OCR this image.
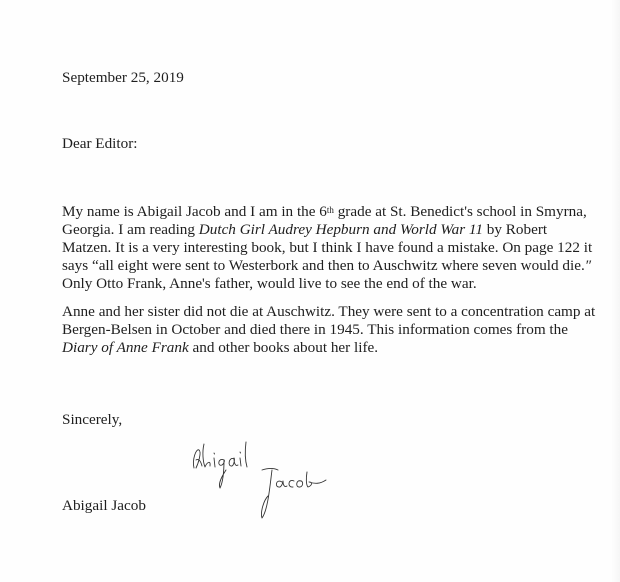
September 25, 2019
Dear Editor:
My name is Abigail Jacob and I am in the 6th grade at St. Benedict's school in Smyrna,
Georgia. I am reading Dutch Girl Audrey Hepburn and World War 11 by Robert
Matzen. It is a very interesting book, but I think I have found a mistake. On page 122 it
says “all eight were sent to Westerbork and then to Auschwitz where seven would die.″
Only Otto Frank, Anne's father, would live to see the end of the war.
Anne and her sister did not die at Auschwitz. They were sent to a concentration camp at
Bergen-Belsen in October and died there in 1945. This information comes from the
Diary of Anne Frank and other books about her life.
Sincerely,
Abigail Jacob
